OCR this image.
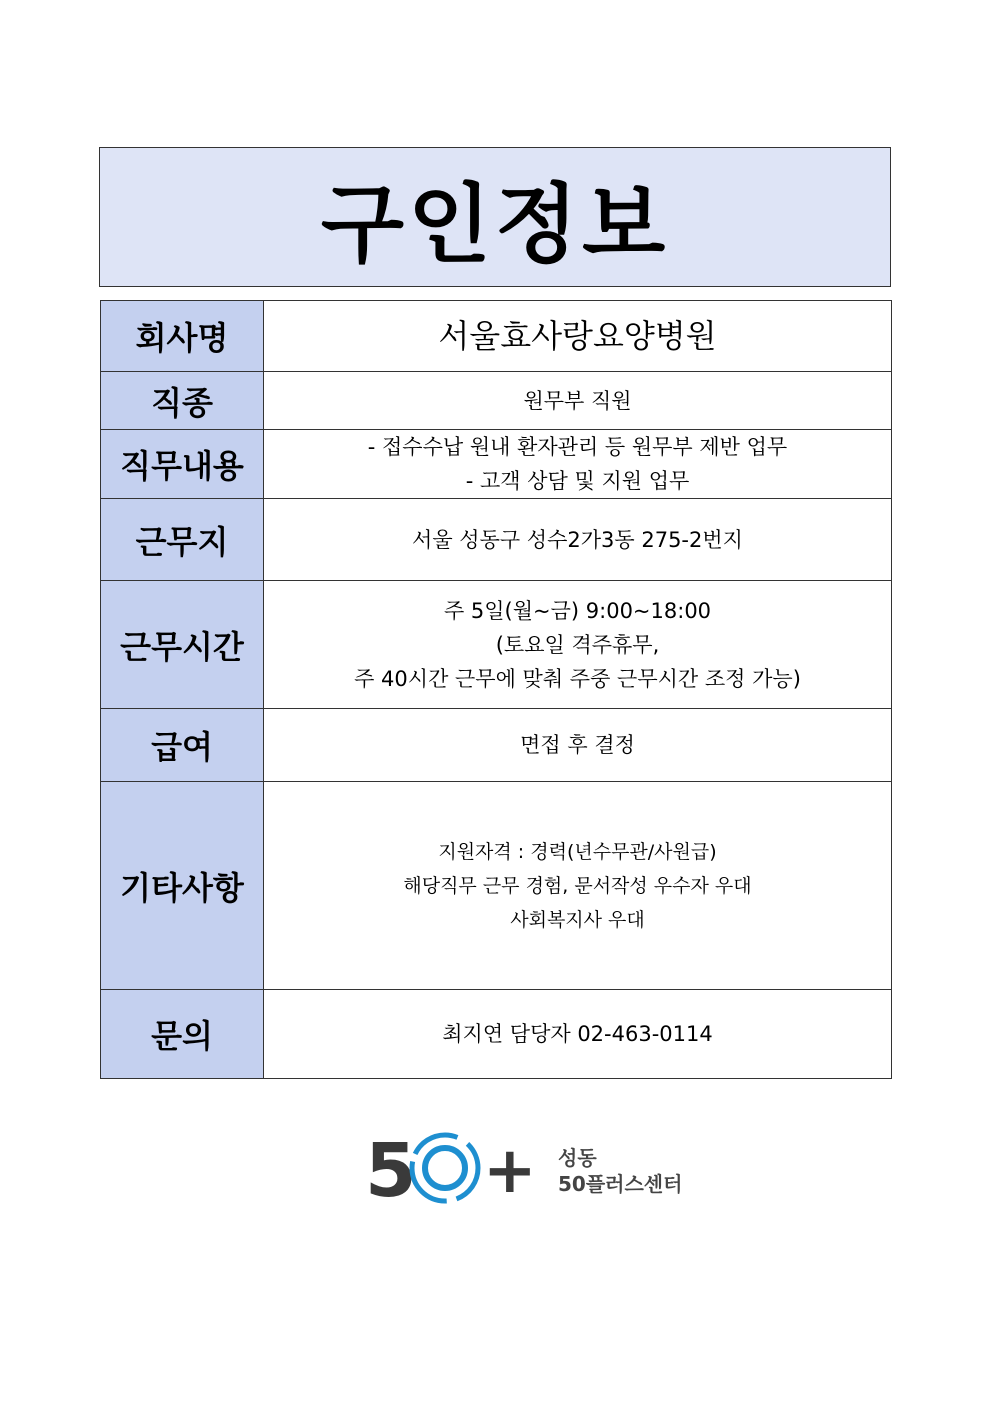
구인정보
회사명	서울효사랑요양병원
직종	원무부 직원
직무내용	- 접수수납 원내 환자관리 등 원무부 제반 업무
- 고객 상담 및 지원 업무

근무지	서울 성동구 성수2가3동 275-2번지
근무시간	주 5일(월~금) 9:00~18:00
(토요일 격주휴무,
주 40시간 근무에 맞춰 주중 근무시간 조정 가능)

급여	면접 후 결정
기타사항	지원자격 : 경력(년수무관/사원급)
해당직무 근무 경험, 문서작성 우수자 우대
사회복지사 우대

문의	최지연 담당자 02-463-0114
5 + 성동
50플러스센터
